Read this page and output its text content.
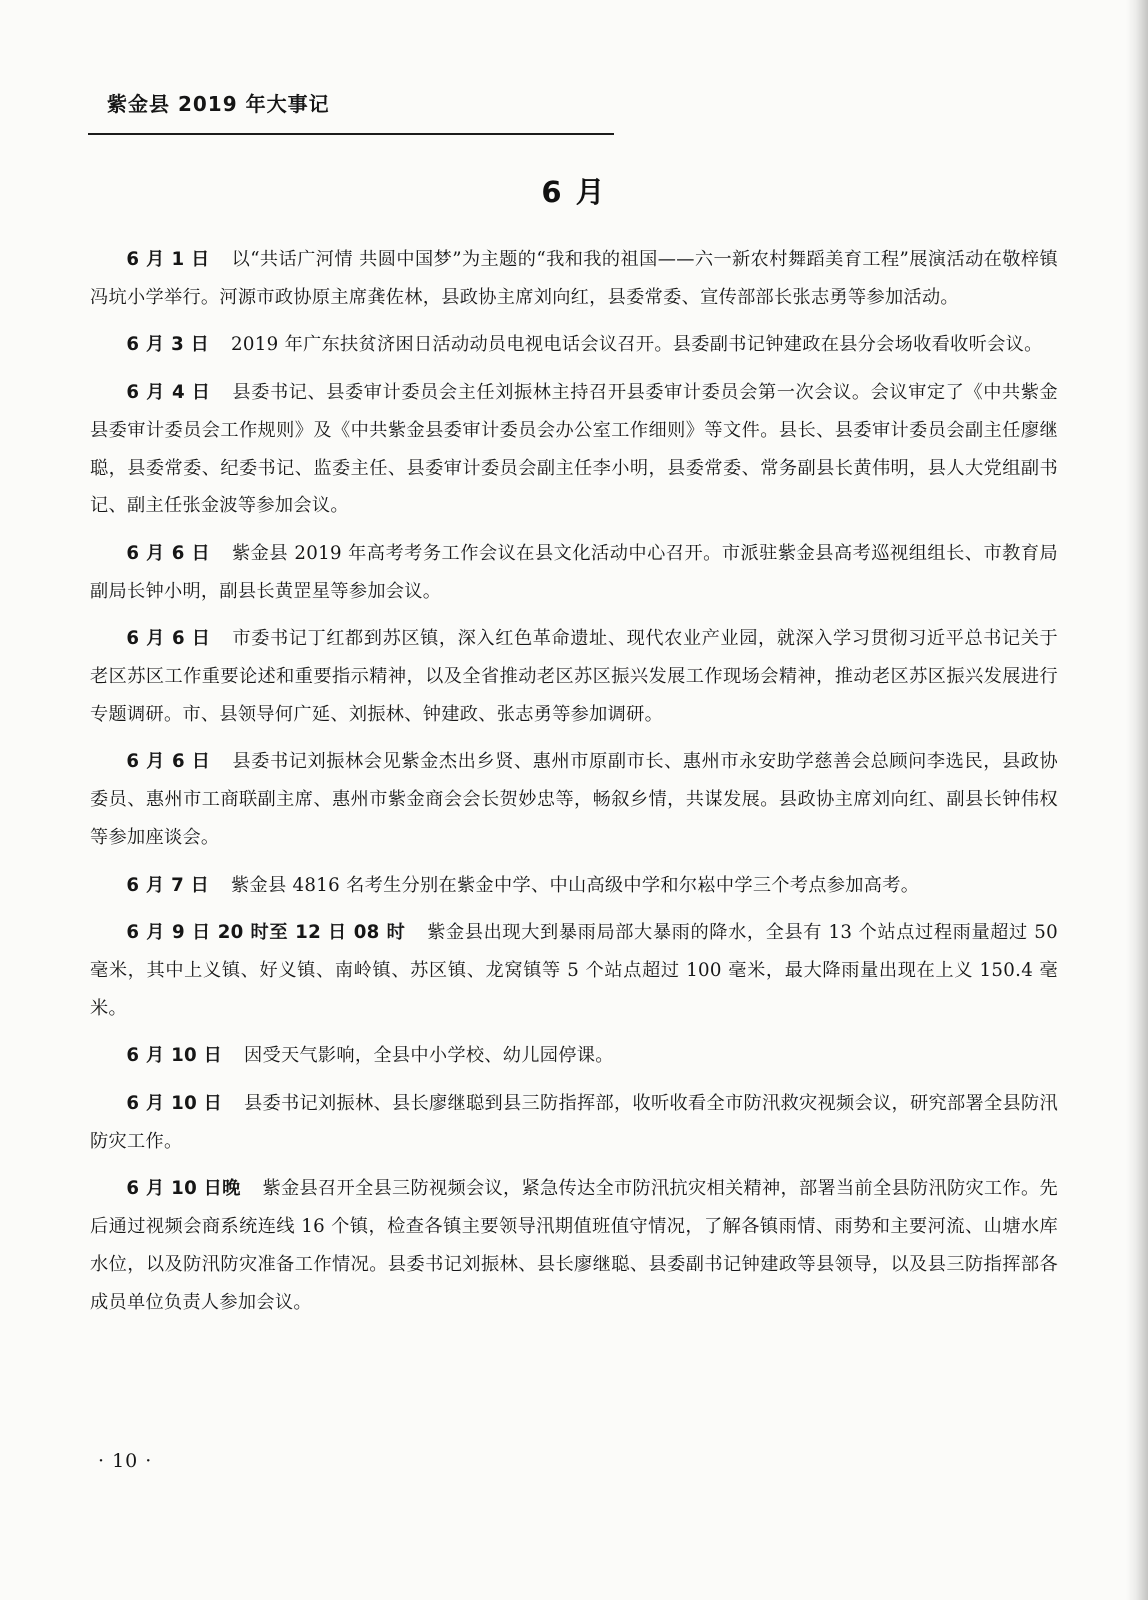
紫金县 2019 年大事记
6 月

6 月 1 日 以“共话广河情 共圆中国梦”为主题的“我和我的祖国——六一新农村舞蹈美育工程”展演活动在敬梓镇冯坑小学举行。河源市政协原主席龚佐林，县政协主席刘向红，县委常委、宣传部部长张志勇等参加活动。

6 月 3 日 2019 年广东扶贫济困日活动动员电视电话会议召开。县委副书记钟建政在县分会场收看收听会议。

6 月 4 日 县委书记、县委审计委员会主任刘振林主持召开县委审计委员会第一次会议。会议审定了《中共紫金县委审计委员会工作规则》及《中共紫金县委审计委员会办公室工作细则》等文件。县长、县委审计委员会副主任廖继聪，县委常委、纪委书记、监委主任、县委审计委员会副主任李小明，县委常委、常务副县长黄伟明，县人大党组副书记、副主任张金波等参加会议。

6 月 6 日 紫金县 2019 年高考考务工作会议在县文化活动中心召开。市派驻紫金县高考巡视组组长、市教育局副局长钟小明，副县长黄罡星等参加会议。

6 月 6 日 市委书记丁红都到苏区镇，深入红色革命遗址、现代农业产业园，就深入学习贯彻习近平总书记关于老区苏区工作重要论述和重要指示精神，以及全省推动老区苏区振兴发展工作现场会精神，推动老区苏区振兴发展进行专题调研。市、县领导何广延、刘振林、钟建政、张志勇等参加调研。

6 月 6 日 县委书记刘振林会见紫金杰出乡贤、惠州市原副市长、惠州市永安助学慈善会总顾问李选民，县政协委员、惠州市工商联副主席、惠州市紫金商会会长贺妙忠等，畅叙乡情，共谋发展。县政协主席刘向红、副县长钟伟权等参加座谈会。

6 月 7 日 紫金县 4816 名考生分别在紫金中学、中山高级中学和尔崧中学三个考点参加高考。

6 月 9 日 20 时至 12 日 08 时 紫金县出现大到暴雨局部大暴雨的降水，全县有 13 个站点过程雨量超过 50 毫米，其中上义镇、好义镇、南岭镇、苏区镇、龙窝镇等 5 个站点超过 100 毫米，最大降雨量出现在上义 150.4 毫米。

6 月 10 日 因受天气影响，全县中小学校、幼儿园停课。

6 月 10 日 县委书记刘振林、县长廖继聪到县三防指挥部，收听收看全市防汛救灾视频会议，研究部署全县防汛防灾工作。

6 月 10 日晚 紫金县召开全县三防视频会议，紧急传达全市防汛抗灾相关精神，部署当前全县防汛防灾工作。先后通过视频会商系统连线 16 个镇，检查各镇主要领导汛期值班值守情况，了解各镇雨情、雨势和主要河流、山塘水库水位，以及防汛防灾准备工作情况。县委书记刘振林、县长廖继聪、县委副书记钟建政等县领导，以及县三防指挥部各成员单位负责人参加会议。

· 10 ·
